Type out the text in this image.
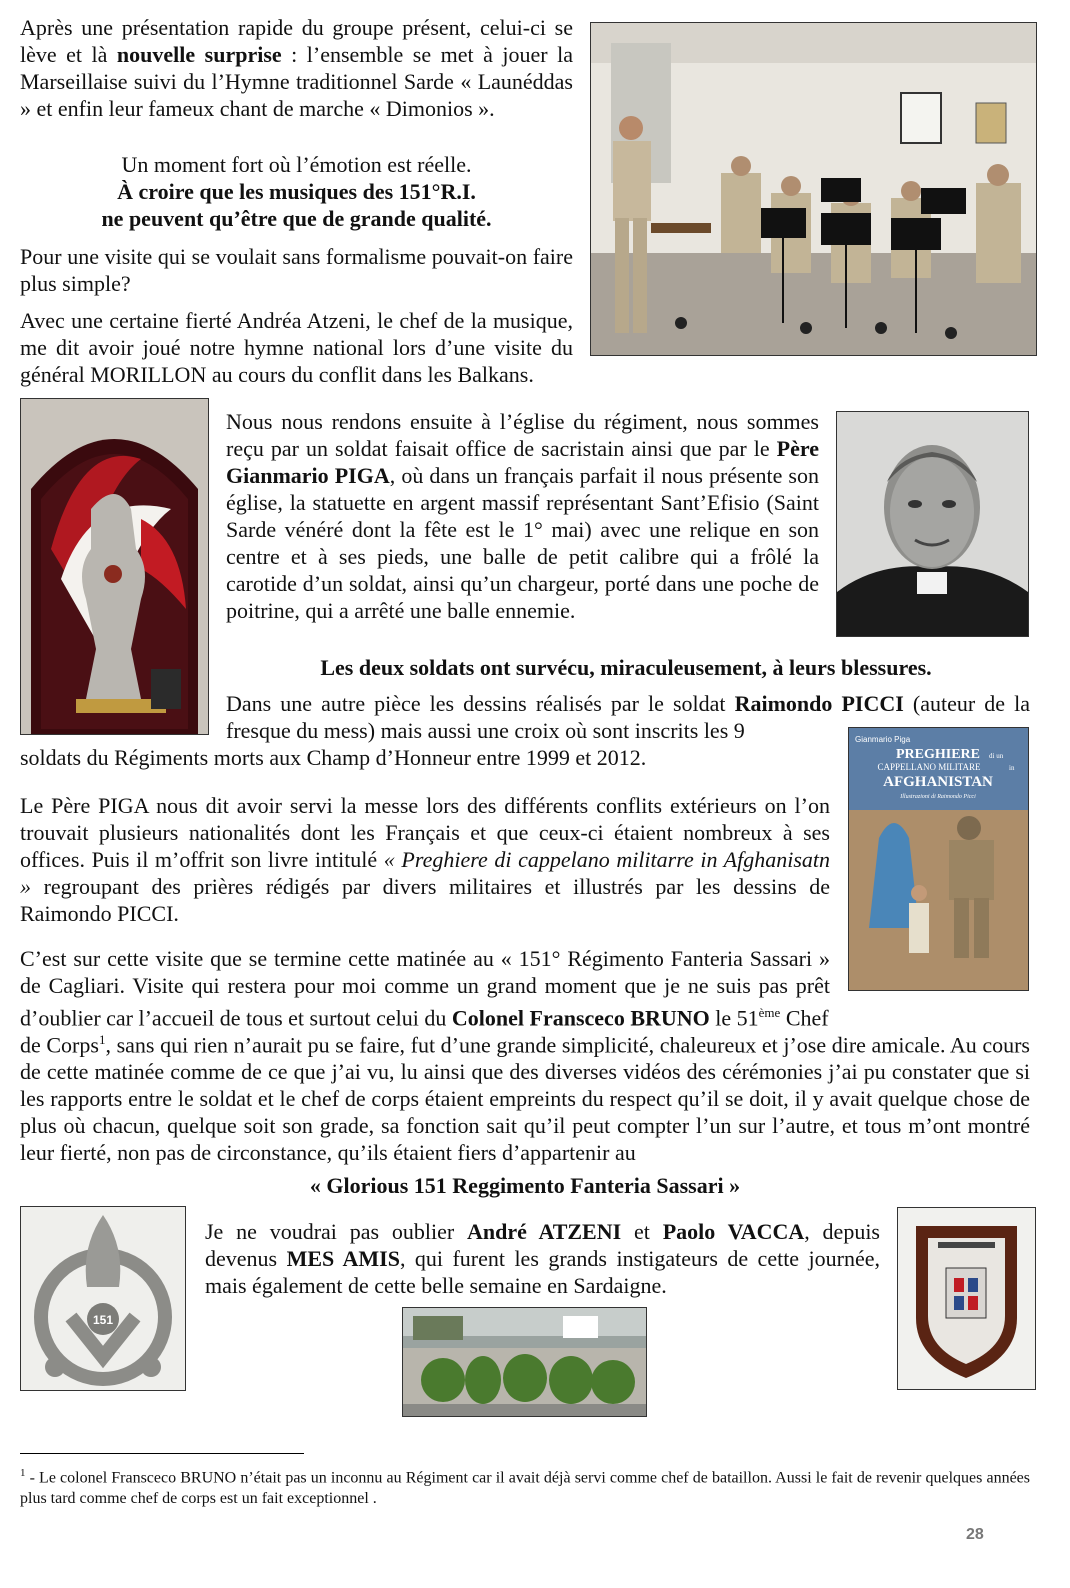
Après une présentation rapide du groupe présent, celui-ci se lève et là nouvelle surprise : l’ensemble se met à jouer la Marseillaise suivi du l’Hymne traditionnel Sarde « Launéddas » et enfin leur fameux chant de marche « Dimonios ».

Un moment fort où l’émotion est réelle.
À croire que les musiques des 151°R.I.
ne peuvent qu’être que de grande qualité.

Pour une visite qui se voulait sans formalisme pouvait-on faire plus simple?

Avec une certaine fierté Andréa Atzeni, le chef de la musique, me dit avoir joué notre hymne national lors d’une visite du général MORILLON au cours du conflit dans les Balkans.

Nous nous rendons ensuite à l’église du régiment, nous sommes reçu par un soldat faisait office de sacristain ainsi que par le Père Gianmario PIGA, où dans un français parfait il nous présente son église, la statuette en argent massif représentant Sant’Efisio (Saint Sarde vénéré dont la fête est le 1° mai) avec une relique en son centre et à ses pieds, une balle de petit calibre qui a frôlé la carotide d’un soldat, ainsi qu’un chargeur, porté dans une poche de poitrine, qui a arrêté une balle ennemie.

Les deux soldats ont survécu, miraculeusement, à leurs blessures.

Dans une autre pièce les dessins réalisés par le soldat Raimondo PICCI (auteur de la fresque du mess) mais aussi une croix où sont inscrits les 9

soldats du Régiments morts aux Champ d’Honneur entre 1999 et 2012.

Gianmario Piga
PREGHIERE di un
CAPPELLANO MILITARE	in
AFGHANISTAN
Illustrazioni di Raimondo Picci

Le Père PIGA nous dit avoir servi la messe lors des différents conflits extérieurs on l’on trouvait plusieurs nationalités dont les Français et que ceux-ci étaient nombreux à ses offices. Puis il m’offrit son livre intitulé « Preghiere di cappelano militarre in Afghanisatn » regroupant des prières rédigés par divers militaires et illustrés par les dessins de Raimondo PICCI.

C’est sur cette visite que se termine cette matinée au « 151° Régimento Fanteria Sassari » de Cagliari. Visite qui restera pour moi comme un grand moment que je ne suis pas prêt d’oublier car l’accueil de tous et surtout celui du Colonel Fransceco BRUNO le 51ème Chef

de Corps$^1$, sans qui rien n’aurait pu se faire, fut d’une grande simplicité, chaleureux et j’ose dire amicale. Au cours de cette matinée comme de ce que j’ai vu, lu ainsi que des diverses vidéos des cérémonies j’ai pu constater que si les rapports entre le soldat et le chef de corps étaient empreints du respect qu’il se doit, il y avait quelque chose de plus où chacun, quelque soit son grade, sa fonction sait qu’il peut compter l’un sur l’autre, et tous m’ont montré leur fierté, non pas de circonstance, qu’ils étaient fiers d’appartenir au

« Glorious 151 Reggimento Fanteria Sassari »

151

Je ne voudrai pas oublier André ATZENI et Paolo VACCA, depuis devenus MES AMIS, qui furent les grands instigateurs de cette journée, mais également de cette belle semaine en Sardaigne.

$^1$ - Le colonel Fransceco BRUNO n’était pas un inconnu au Régiment car il avait déjà servi comme chef de bataillon. Aussi le fait de revenir quelques années plus tard comme chef de corps est un fait exceptionnel .
28
